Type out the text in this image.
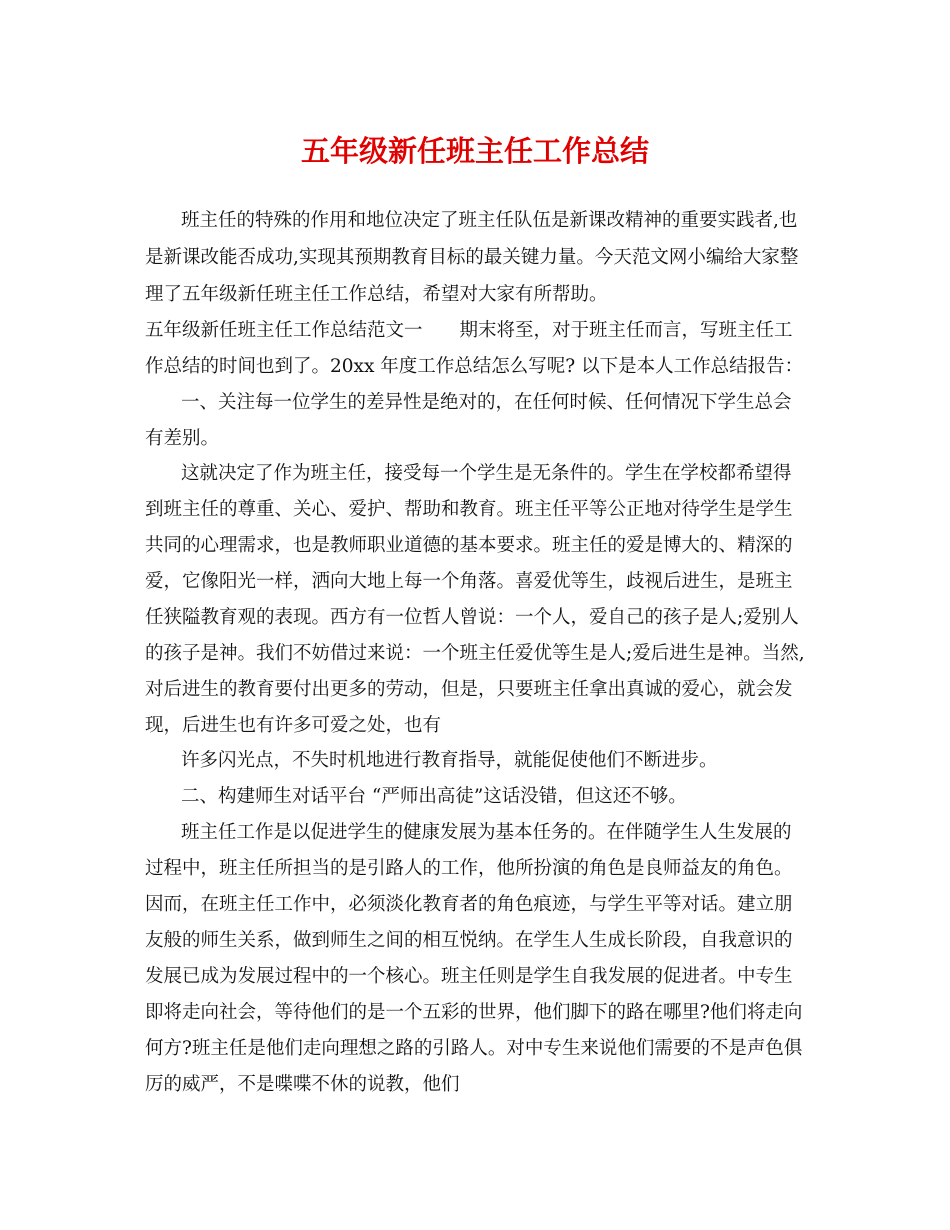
五年级新任班主任工作总结
班主任的特殊的作用和地位决定了班主任队伍是新课改精神的重要实践者,也
是新课改能否成功,实现其预期教育目标的最关键力量。今天范文网小编给大家整
理了五年级新任班主任工作总结，希望对大家有所帮助。
五年级新任班主任工作总结范文一　　期末将至，对于班主任而言，写班主任工
作总结的时间也到了。20xx 年度工作总结怎么写呢? 以下是本人工作总结报告：
一、关注每一位学生的差异性是绝对的，在任何时候、任何情况下学生总会
有差别。
这就决定了作为班主任，接受每一个学生是无条件的。学生在学校都希望得
到班主任的尊重、关心、爱护、帮助和教育。班主任平等公正地对待学生是学生
共同的心理需求，也是教师职业道德的基本要求。班主任的爱是博大的、精深的
爱，它像阳光一样，洒向大地上每一个角落。喜爱优等生，歧视后进生，是班主
任狭隘教育观的表现。西方有一位哲人曾说：一个人，爱自己的孩子是人;爱别人
的孩子是神。我们不妨借过来说：一个班主任爱优等生是人;爱后进生是神。当然,
对后进生的教育要付出更多的劳动，但是，只要班主任拿出真诚的爱心，就会发
现，后进生也有许多可爱之处，也有
许多闪光点，不失时机地进行教育指导，就能促使他们不断进步。
二、构建师生对话平台 “严师出高徒”这话没错，但这还不够。
班主任工作是以促进学生的健康发展为基本任务的。在伴随学生人生发展的
过程中，班主任所担当的是引路人的工作，他所扮演的角色是良师益友的角色。
因而，在班主任工作中，必须淡化教育者的角色痕迹，与学生平等对话。建立朋
友般的师生关系，做到师生之间的相互悦纳。在学生人生成长阶段，自我意识的
发展已成为发展过程中的一个核心。班主任则是学生自我发展的促进者。中专生
即将走向社会，等待他们的是一个五彩的世界，他们脚下的路在哪里?他们将走向
何方?班主任是他们走向理想之路的引路人。对中专生来说他们需要的不是声色俱
厉的威严，不是喋喋不休的说教，他们
